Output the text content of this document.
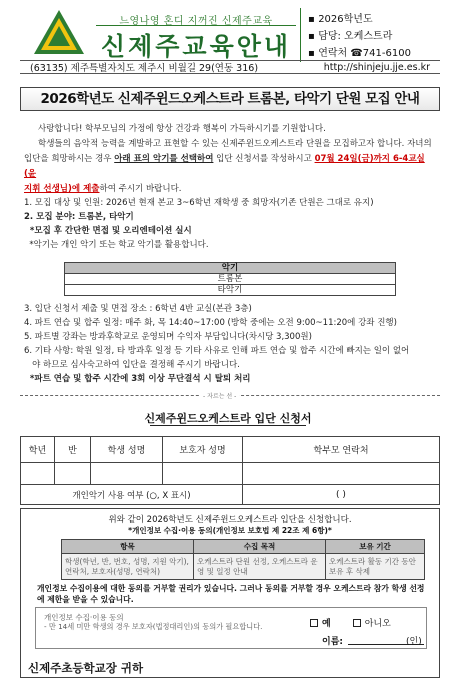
느영나영 혼디 지꺼진 신제주교육
신제주교육안내
▪ 2026학년도
▪ 담당: 오케스트라
▪ 연락처 ☎741-6100
(63135) 제주특별자치도 제주시 비월길 29(연동 316)	http://shinjeju.jje.es.kr
2026학년도 신제주윈드오케스트라 트롬본, 타악기 단원 모집 안내
사랑합니다! 학부모님의 가정에 항상 건강과 행복이 가득하시기를 기원합니다.
학생들의 음악적 능력을 계발하고 표현할 수 있는 신제주윈드오케스트라 단원을 모집하고자 합니다. 자녀의
입단을 희망하시는 경우 아래 표의 악기를 선택하여 입단 신청서를 작성하시고 07월 24일(금)까지 6-4교실(윤
지휘 선생님)에 제출하여 주시기 바랍니다.
1. 모집 대상 및 인원: 2026년 현재 본교 3~6학년 재학생 중 희망자(기존 단원은 그대로 유지)
2. 모집 분야: 트롬본, 타악기
*모집 후 간단한 면접 및 오리엔테이션 실시
*악기는 개인 악기 또는 학교 악기를 활용합니다.
악기
트롬본
타악기
3. 입단 신청서 제출 및 면접 장소 : 6학년 4반 교실(본관 3층)
4. 파트 연습 및 합주 일정: 매주 화, 목 14:40~17:00 (방학 중에는 오전 9:00~11:20에 강좌 진행)
5. 파트별 강좌는 방과후학교로 운영되며 수익자 부담입니다(차시당 3,300원)
6. 기타 사항: 학원 일정, 타 방과후 일정 등 기타 사유로 인해 파트 연습 및 합주 시간에 빠지는 일이 없어
야 하므로 심사숙고하여 입단을 결정해 주시기 바랍니다.
*파트 연습 및 합주 시간에 3회 이상 무단결석 시 탈퇴 처리
- 자르는 선 -
신제주윈드오케스트라 입단 신청서
학년	반	학생 성명	보호자 성명	학부모 연락처

개인악기 사용 여부 (○, X 표시)				( )
위와 같이 2026학년도 신제주윈드오케스트라 입단을 신청합니다.
*개인정보 수집·이용 동의(개인정보 보호법 제 22조 제 6항)*
항목	수집 목적	보유 기간
학생(학년, 반, 번호, 성명, 지원 악기), 연락처, 보호자(성명, 연락처)	오케스트라 단원 선정, 오케스트라 운영 및 일정 안내	오케스트라 활동 기간 동안 보유 후 삭제
개인정보 수집이용에 대한 동의를 거부할 권리가 있습니다. 그러나 동의를 거부할 경우 오케스트라 참가 학생 선정에 제한을 받을 수 있습니다.
개인정보 수집·이용 동의
- 만 14세 미만 학생의 경우 보호자(법정대리인)의 동의가 필요합니다.	예	아니오
이름:	(인)
신제주초등학교장 귀하
